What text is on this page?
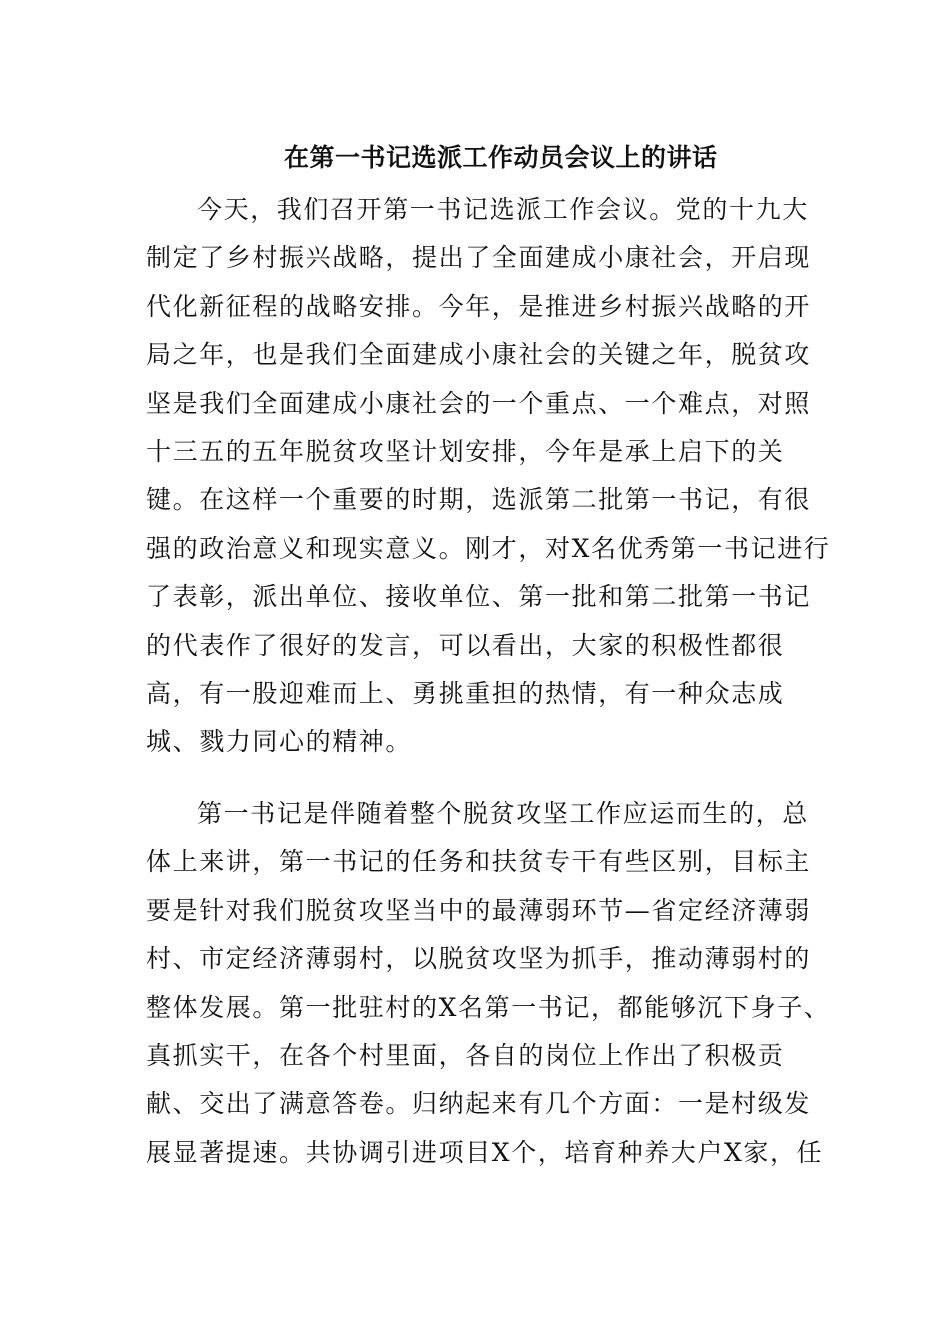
在第一书记选派工作动员会议上的讲话
今天，我们召开第一书记选派工作会议。党的十九大
制定了乡村振兴战略，提出了全面建成小康社会，开启现
代化新征程的战略安排。今年，是推进乡村振兴战略的开
局之年，也是我们全面建成小康社会的关键之年，脱贫攻
坚是我们全面建成小康社会的一个重点、一个难点，对照
十三五的五年脱贫攻坚计划安排，今年是承上启下的关
键。在这样一个重要的时期，选派第二批第一书记，有很
强的政治意义和现实意义。刚才，对X名优秀第一书记进行
了表彰，派出单位、接收单位、第一批和第二批第一书记
的代表作了很好的发言，可以看出，大家的积极性都很
高，有一股迎难而上、勇挑重担的热情，有一种众志成
城、戮力同心的精神。
第一书记是伴随着整个脱贫攻坚工作应运而生的，总
体上来讲，第一书记的任务和扶贫专干有些区别，目标主
要是针对我们脱贫攻坚当中的最薄弱环节—省定经济薄弱
村、市定经济薄弱村，以脱贫攻坚为抓手，推动薄弱村的
整体发展。第一批驻村的X名第一书记，都能够沉下身子、
真抓实干，在各个村里面，各自的岗位上作出了积极贡
献、交出了满意答卷。归纳起来有几个方面：一是村级发
展显著提速。共协调引进项目X个，培育种养大户X家，任
